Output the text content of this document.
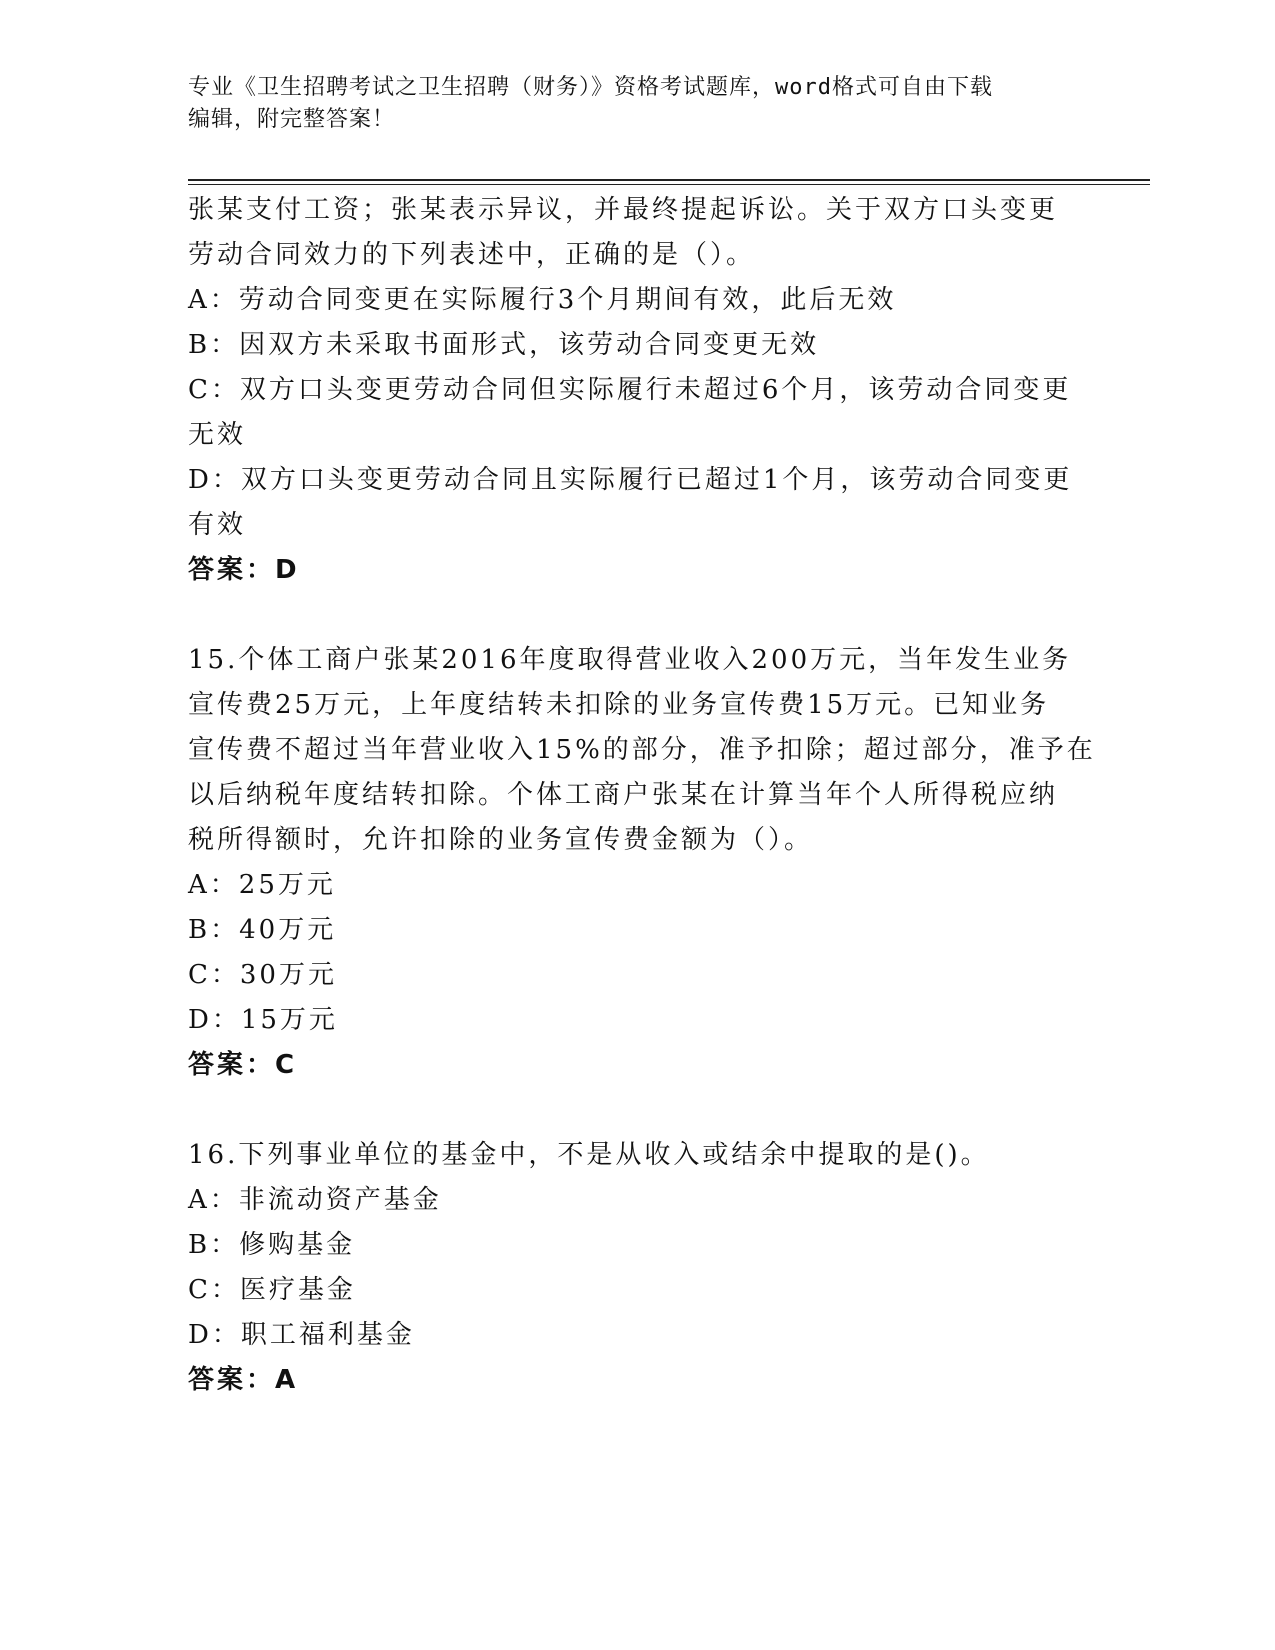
专业《卫生招聘考试之卫生招聘（财务）》资格考试题库，word格式可自由下载
编辑，附完整答案！
张某支付工资；张某表示异议，并最终提起诉讼。关于双方口头变更
劳动合同效力的下列表述中，正确的是（）。
A：劳动合同变更在实际履行3个月期间有效，此后无效
B：因双方未采取书面形式，该劳动合同变更无效
C：双方口头变更劳动合同但实际履行未超过6个月，该劳动合同变更
无效
D：双方口头变更劳动合同且实际履行已超过1个月，该劳动合同变更
有效
答案：D
15.个体工商户张某2016年度取得营业收入200万元，当年发生业务
宣传费25万元，上年度结转未扣除的业务宣传费15万元。已知业务
宣传费不超过当年营业收入15%的部分，准予扣除；超过部分，准予在
以后纳税年度结转扣除。个体工商户张某在计算当年个人所得税应纳
税所得额时，允许扣除的业务宣传费金额为（）。
A：25万元
B：40万元
C：30万元
D：15万元
答案：C
16.下列事业单位的基金中，不是从收入或结余中提取的是()。
A：非流动资产基金
B：修购基金
C：医疗基金
D：职工福利基金
答案：A
